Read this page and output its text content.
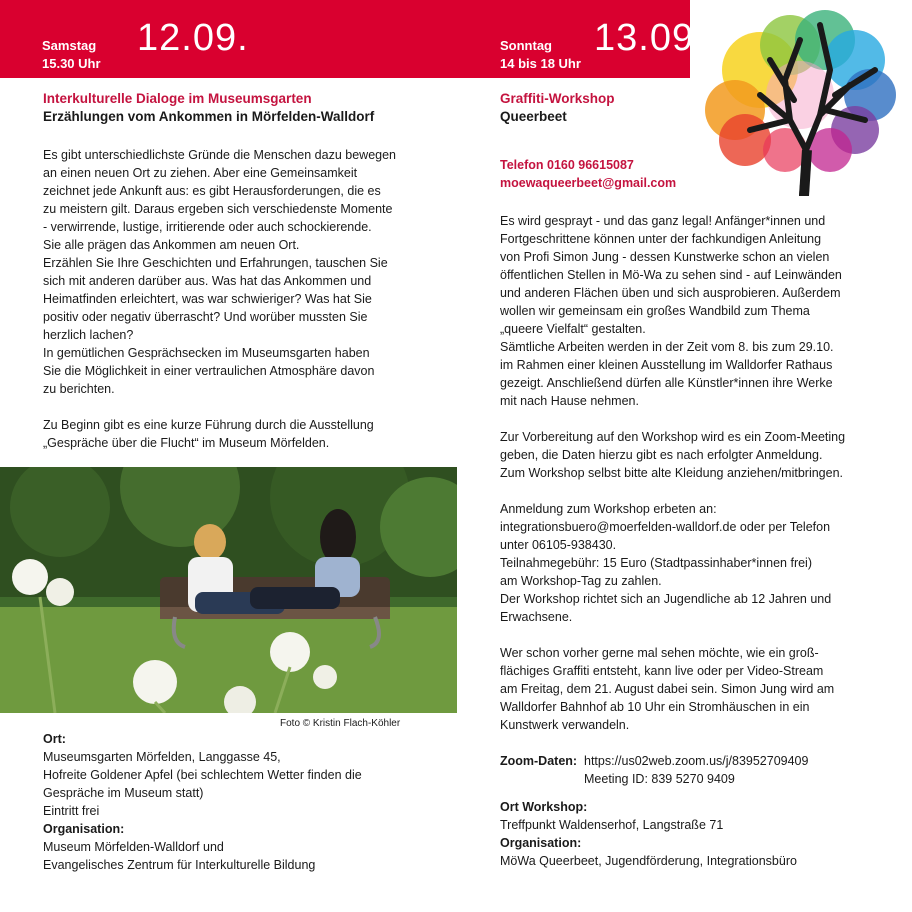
Samstag
15.30 Uhr
12.09.	Sonntag
14 bis 18 Uhr
13.09.
Interkulturelle Dialoge im Museumsgarten
Erzählungen vom Ankommen in Mörfelden-Walldorf

Es gibt unterschiedlichste Gründe die Menschen dazu bewegen
an einen neuen Ort zu ziehen. Aber eine Gemeinsamkeit
zeichnet jede Ankunft aus: es gibt Herausforderungen, die es
zu meistern gilt. Daraus ergeben sich verschiedenste Momente
- verwirrende, lustige, irritierende oder auch schockierende.
Sie alle prägen das Ankommen am neuen Ort.
Erzählen Sie Ihre Geschichten und Erfahrungen, tauschen Sie
sich mit anderen darüber aus. Was hat das Ankommen und
Heimatfinden erleichtert, was war schwieriger? Was hat Sie
positiv oder negativ überrascht? Und worüber mussten Sie
herzlich lachen?
In gemütlichen Gesprächsecken im Museumsgarten haben
Sie die Möglichkeit in einer vertraulichen Atmosphäre davon
zu berichten.

Zu Beginn gibt es eine kurze Führung durch die Ausstellung
„Gespräche über die Flucht“ im Museum Mörfelden.

Foto © Kristin Flach-Köhler
Ort:

Museumsgarten Mörfelden, Langgasse 45,
Hofreite Goldener Apfel (bei schlechtem Wetter finden die
Gespräche im Museum statt)
Eintritt frei

Organisation:

Museum Mörfelden-Walldorf und
Evangelisches Zentrum für Interkulturelle Bildung

Graffiti-Workshop
Queerbeet
Telefon 0160 96615087
moewaqueerbeet@gmail.com

Es wird gesprayt - und das ganz legal! Anfänger*innen und
Fortgeschrittene können unter der fachkundigen Anleitung
von Profi Simon Jung - dessen Kunstwerke schon an vielen
öffentlichen Stellen in Mö-Wa zu sehen sind - auf Leinwänden
und anderen Flächen üben und sich ausprobieren. Außerdem
wollen wir gemeinsam ein großes Wandbild zum Thema
„queere Vielfalt“ gestalten.
Sämtliche Arbeiten werden in der Zeit vom 8. bis zum 29.10.
im Rahmen einer kleinen Ausstellung im Walldorfer Rathaus
gezeigt. Anschließend dürfen alle Künstler*innen ihre Werke
mit nach Hause nehmen.

Zur Vorbereitung auf den Workshop wird es ein Zoom-Meeting
geben, die Daten hierzu gibt es nach erfolgter Anmeldung.
Zum Workshop selbst bitte alte Kleidung anziehen/mitbringen.

Anmeldung zum Workshop erbeten an:
integrationsbuero@moerfelden-walldorf.de oder per Telefon
unter 06105-938430.
Teilnahmegebühr: 15 Euro (Stadtpassinhaber*innen frei)
am Workshop-Tag zu zahlen.
Der Workshop richtet sich an Jugendliche ab 12 Jahren und
Erwachsene.

Wer schon vorher gerne mal sehen möchte, wie ein groß-
flächiges Graffiti entsteht, kann live oder per Video-Stream
am Freitag, dem 21. August dabei sein. Simon Jung wird am
Walldorfer Bahnhof ab 10 Uhr ein Stromhäuschen in ein
Kunstwerk verwandeln.

Zoom-Daten: https://us02web.zoom.us/j/83952709409
Meeting ID: 839 5270 9409
Ort Workshop:
Treffpunkt Waldenserhof, Langstraße 71
Organisation:
MöWa Queerbeet, Jugendförderung, Integrationsbüro
